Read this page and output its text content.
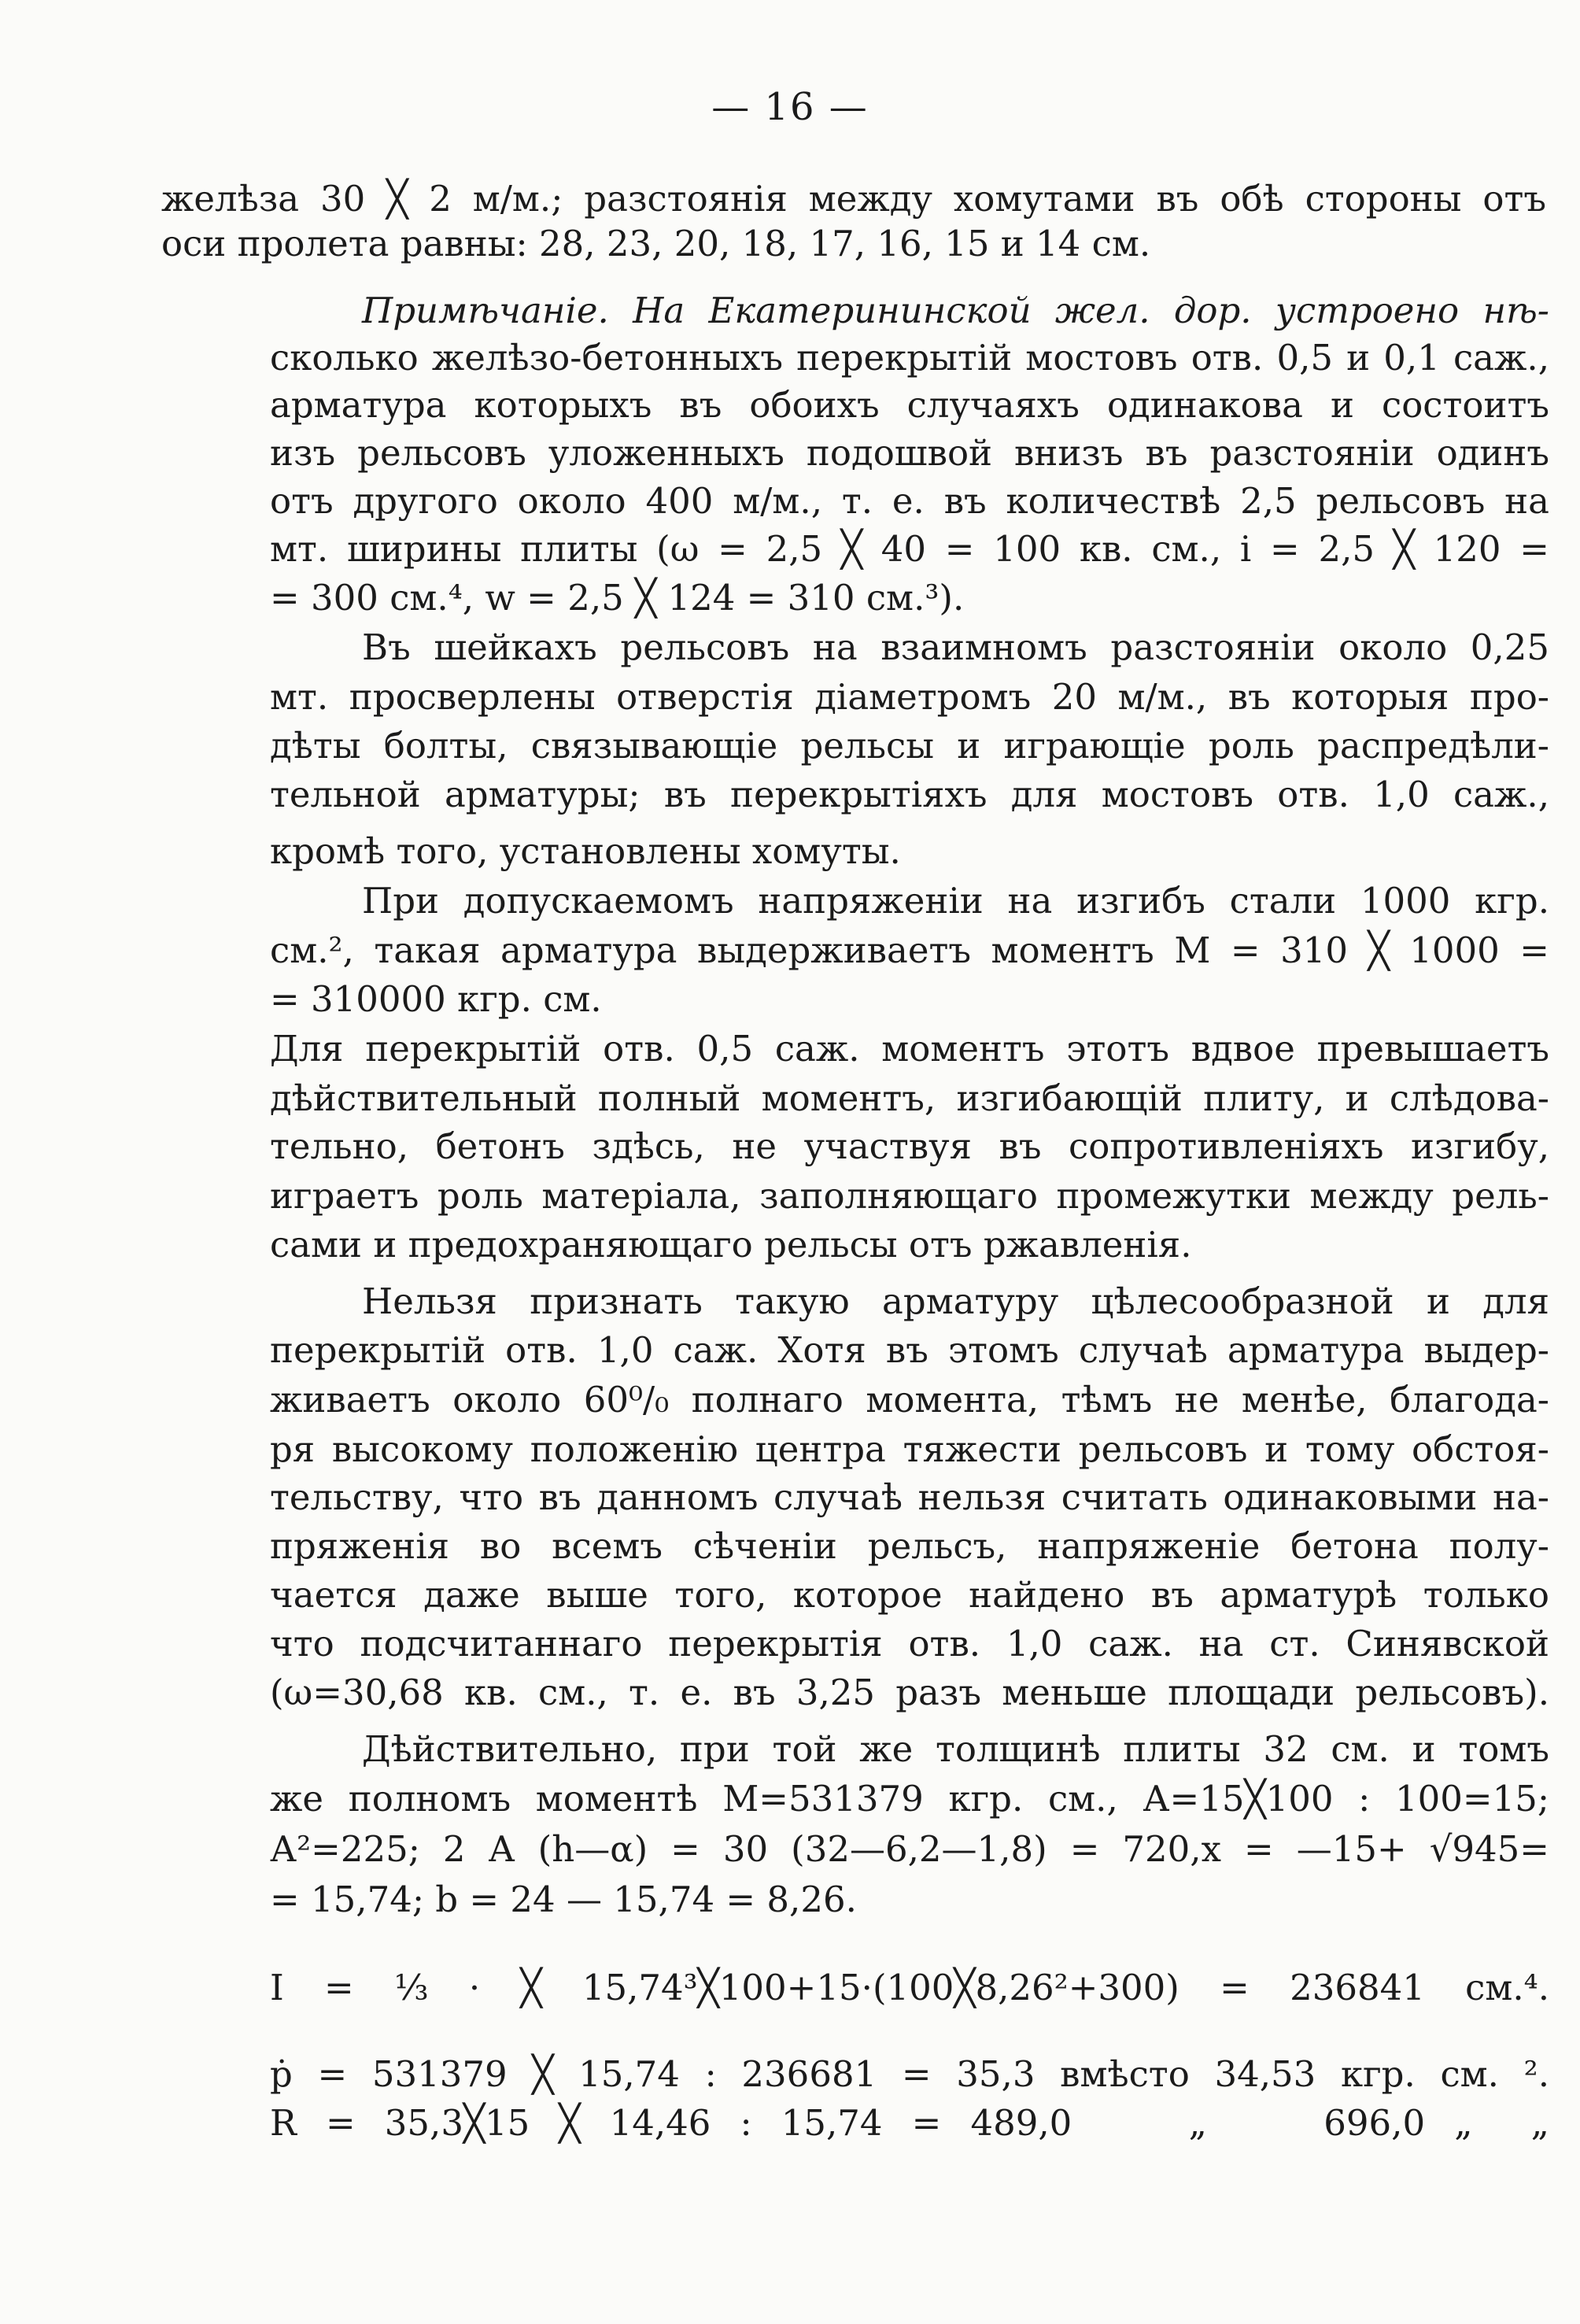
— 16 —
желѣза 30 ╳ 2 м/м.; разстоянія между хомутами въ обѣ стороны отъ
оси пролета равны: 28, 23, 20, 18, 17, 16, 15 и 14 см.
Примѣчаніе. На Екатерининской жел. дор. устроено нѣ-
сколько желѣзо-бетонныхъ перекрытій мостовъ отв. 0,5 и 0,1 саж.,
арматура которыхъ въ обоихъ случаяхъ одинакова и состоитъ
изъ рельсовъ уложенныхъ подошвой внизъ въ разстояніи одинъ
отъ другого около 400 м/м., т. е. въ количествѣ 2,5 рельсовъ на
мт. ширины плиты (ω = 2,5 ╳ 40 = 100 кв. см., i = 2,5 ╳ 120 =
= 300 см.⁴, w = 2,5 ╳ 124 = 310 см.³).
Въ шейкахъ рельсовъ на взаимномъ разстояніи около 0,25
мт. просверлены отверстія діаметромъ 20 м/м., въ которыя про-
дѣты болты, связывающіе рельсы и играющіе роль распредѣли-
тельной арматуры; въ перекрытіяхъ для мостовъ отв. 1,0 саж.,
кромѣ того, установлены хомуты.
При допускаемомъ напряженіи на изгибъ стали 1000 кгр.
см.², такая арматура выдерживаетъ моментъ М = 310 ╳ 1000 =
= 310000 кгр. см.
Для перекрытій отв. 0,5 саж. моментъ этотъ вдвое превышаетъ
дѣйствительный полный моментъ, изгибающій плиту, и слѣдова-
тельно, бетонъ здѣсь, не участвуя въ сопротивленіяхъ изгибу,
играетъ роль матеріала, заполняющаго промежутки между рель-
сами и предохраняющаго рельсы отъ ржавленія.
Нельзя признать такую арматуру цѣлесообразной и для
перекрытій отв. 1,0 саж. Хотя въ этомъ случаѣ арматура выдер-
живаетъ около 60⁰/₀ полнаго момента, тѣмъ не менѣе, благода-
ря высокому положенію центра тяжести рельсовъ и тому обстоя-
тельству, что въ данномъ случаѣ нельзя считать одинаковыми на-
пряженія во всемъ сѣченіи рельсъ, напряженіе бетона полу-
чается даже выше того, которое найдено въ арматурѣ только
что подсчитаннаго перекрытія отв. 1,0 саж. на ст. Синявской
(ω=30,68 кв. см., т. е. въ 3,25 разъ меньше площади рельсовъ).
Дѣйствительно, при той же толщинѣ плиты 32 см. и томъ
же полномъ моментѣ М=531379 кгр. см., А=15╳100 : 100=15;
А²=225; 2 А (h—α) = 30 (32—6,2—1,8) = 720,x = —15+ √945=
= 15,74; b = 24 — 15,74 = 8,26.
I = ⅓ · ╳ 15,74³╳100+15·(100╳8,26²+300) = 236841 см.⁴.
ṗ = 531379 ╳ 15,74 : 236681 = 35,3 вмѣсто 34,53 кгр. см. ².
R = 35,3╳15 ╳ 14,46 : 15,74 = 489,0    „    696,0 „  „
